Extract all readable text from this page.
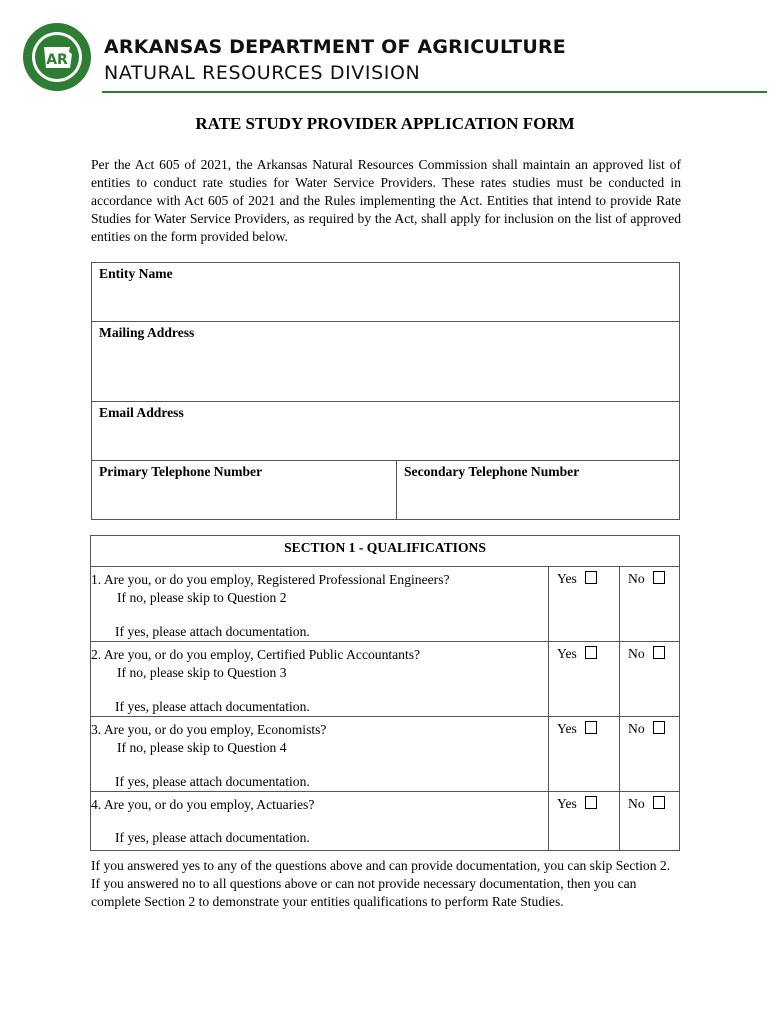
AR
ARKANSAS DEPARTMENT OF AGRICULTURE
NATURAL RESOURCES DIVISION
RATE STUDY PROVIDER APPLICATION FORM

Per the Act 605 of 2021, the Arkansas Natural Resources Commission shall maintain an approved list of entities to conduct rate studies for Water Service Providers. These rates studies must be conducted in accordance with Act 605 of 2021 and the Rules implementing the Act. Entities that intend to provide Rate Studies for Water Service Providers, as required by the Act, shall apply for inclusion on the list of approved entities on the form provided below.

Entity Name

Mailing Address

Email Address

Primary Telephone Number	Secondary Telephone Number
SECTION 1 - QUALIFICATIONS		

1. Are you, or do you employ, Registered Professional Engineers?
If no, please skip to Question 2
If yes, please attach documentation.	Yes	No

2. Are you, or do you employ, Certified Public Accountants?
If no, please skip to Question 3
If yes, please attach documentation.	Yes	No

3. Are you, or do you employ, Economists?
If no, please skip to Question 4
If yes, please attach documentation.	Yes	No

4. Are you, or do you employ, Actuaries?
If yes, please attach documentation.	Yes	No

If you answered yes to any of the questions above and can provide documentation, you can skip Section 2. If you answered no to all questions above or can not provide necessary documentation, then you can complete Section 2 to demonstrate your entities qualifications to perform Rate Studies.
